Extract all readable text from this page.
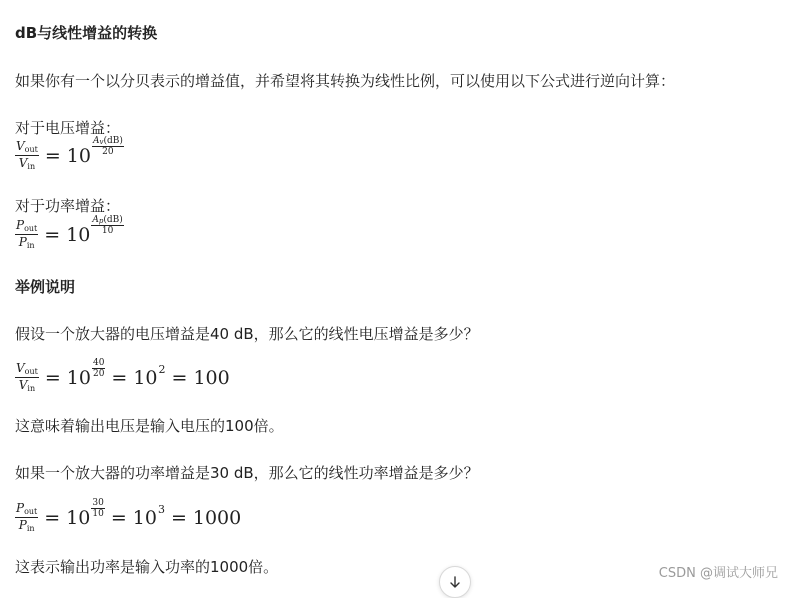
dB与线性增益的转换
如果你有一个以分贝表示的增益值，并希望将其转换为线性比例，可以使用以下公式进行逆向计算：
对于电压增益：
$\frac{V_{out}}{V_{in}} = 10$
$A_v(dB)$
20
对于功率增益：
$\frac{P_{out}}{P_{in}} = 10$
$A_p(dB)$
10
举例说明
假设一个放大器的电压增益是40 dB，那么它的线性电压增益是多少？
$\frac{V_{out}}{V_{in}} = 10 \frac{40}{20} = 10$ 2 = 100
这意味着输出电压是输入电压的100倍。
如果一个放大器的功率增益是30 dB，那么它的线性功率增益是多少？
$\frac{P_{out}}{P_{in}} = 10 \frac{30}{10} = 10$ 3 = 1000
这表示输出功率是输入功率的1000倍。	CSDN @调试大师兄
